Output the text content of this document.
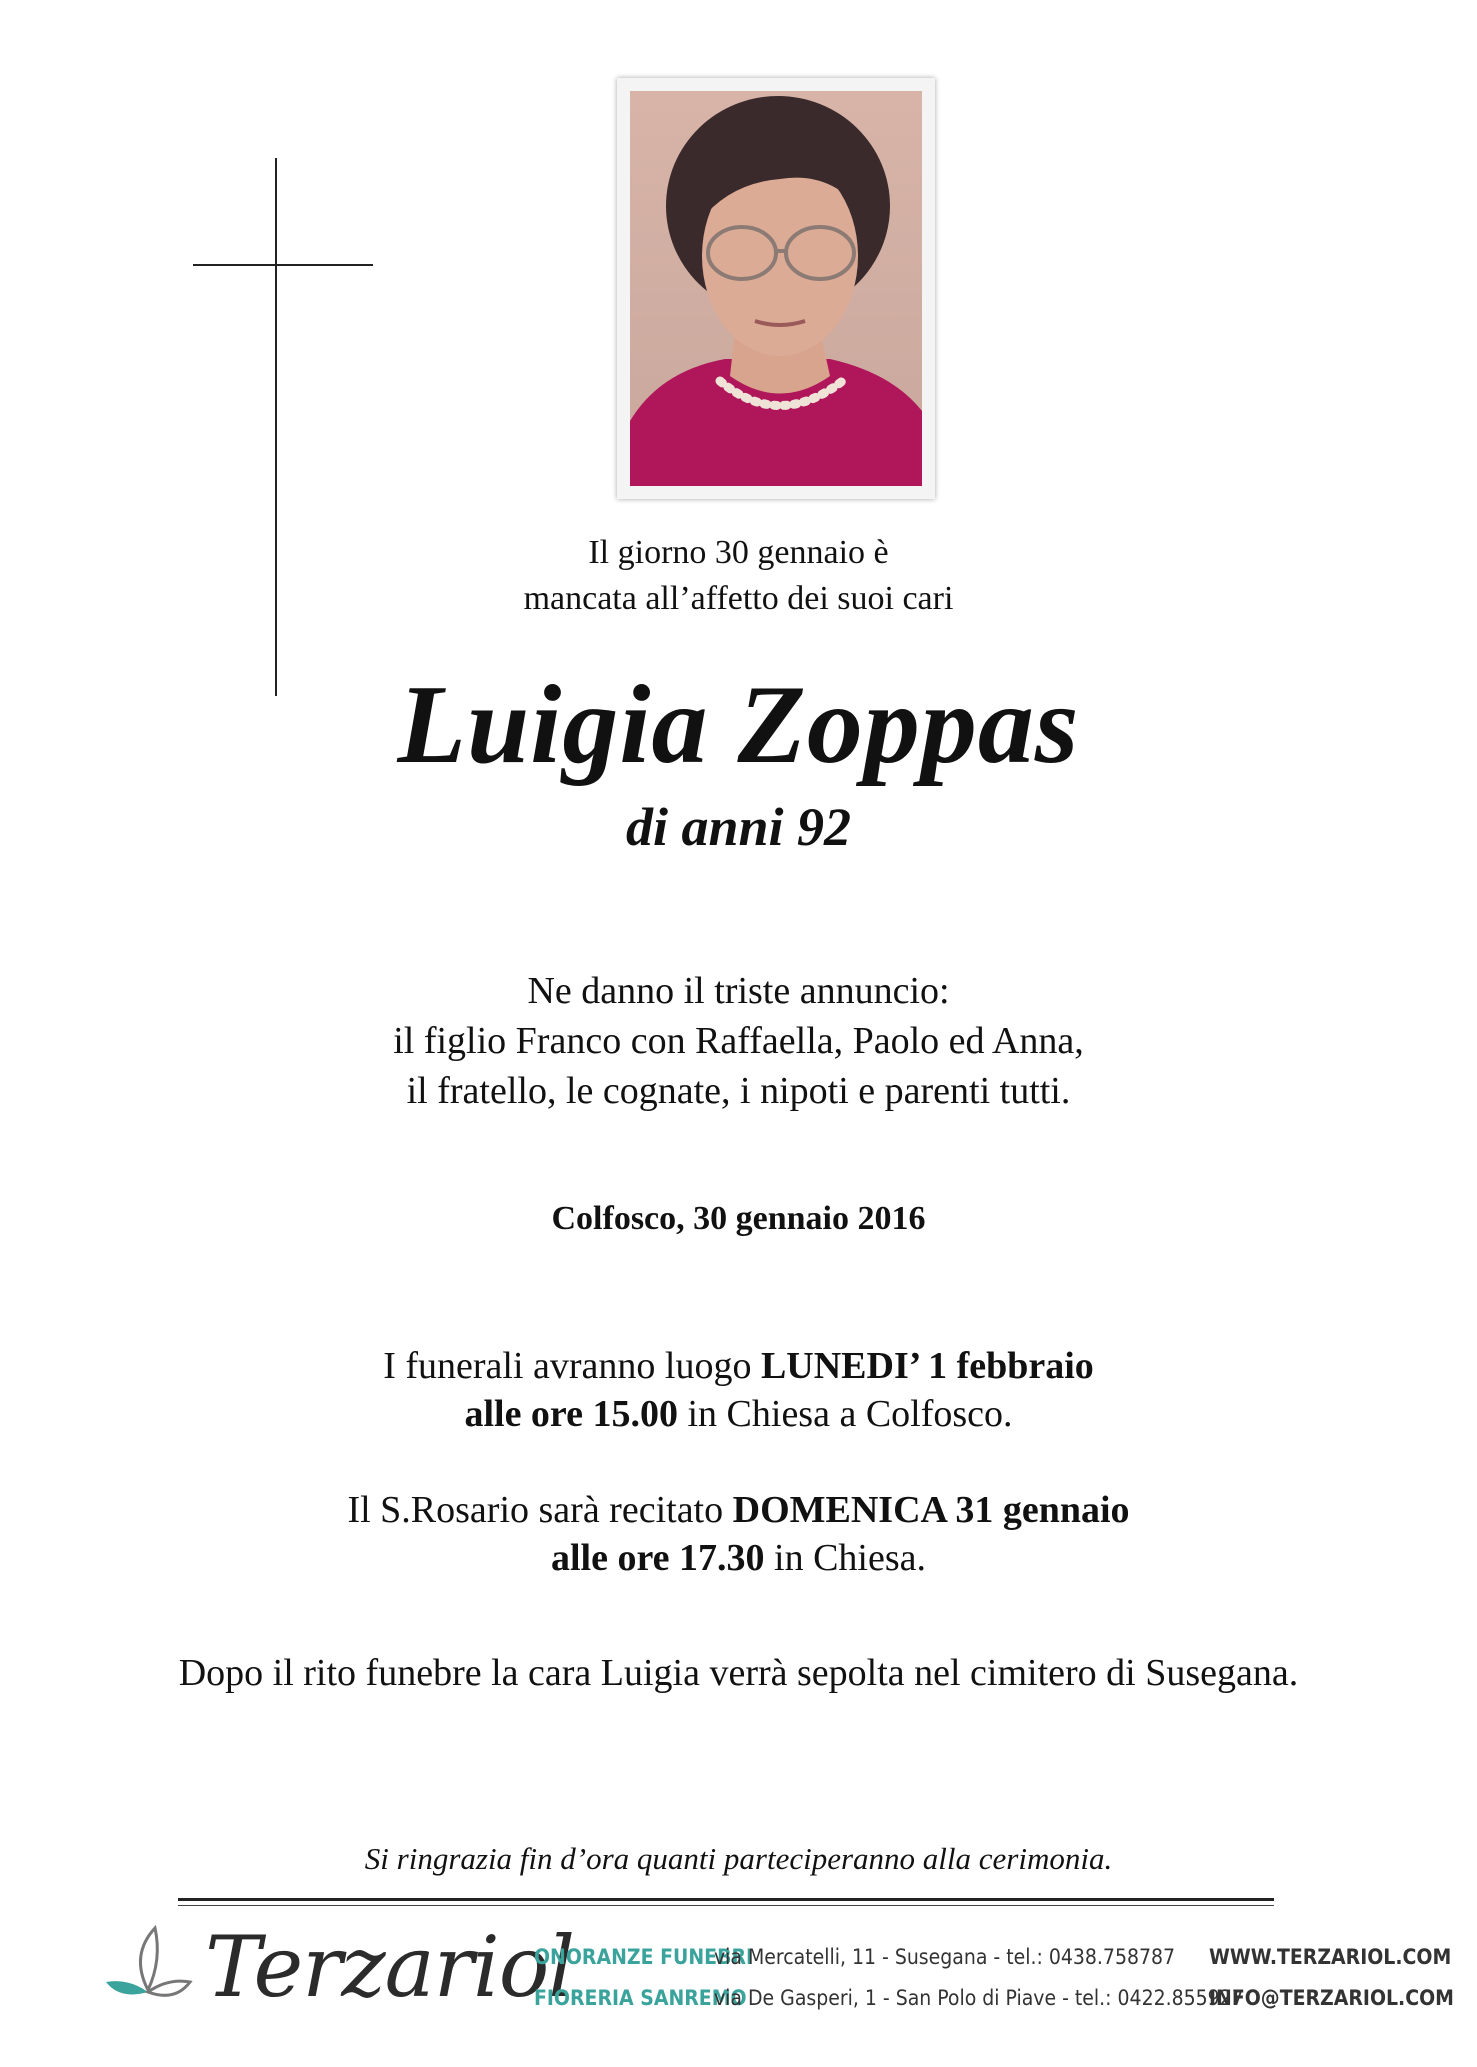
Il giorno 30 gennaio è
mancata all’affetto dei suoi cari
Luigia Zoppas
di anni 92
Ne danno il triste annuncio:
il figlio Franco con Raffaella, Paolo ed Anna,
il fratello, le cognate, i nipoti e parenti tutti.
Colfosco, 30 gennaio 2016
I funerali avranno luogo LUNEDI’ 1 febbraio
alle ore 15.00 in Chiesa a Colfosco.
Il S.Rosario sarà recitato DOMENICA 31 gennaio
alle ore 17.30 in Chiesa.
Dopo il rito funebre la cara Luigia verrà sepolta nel cimitero di Susegana.
Si ringrazia fin d’ora quanti parteciperanno alla cerimonia.
Terzariol
ONORANZE FUNEBRI
via Mercatelli, 11 - Susegana - tel.: 0438.758787 WWW.TERZARIOL.COM
FIORERIA SANREMO
via De Gasperi, 1 - San Polo di Piave - tel.: 0422.855927
INFO@TERZARIOL.COM
